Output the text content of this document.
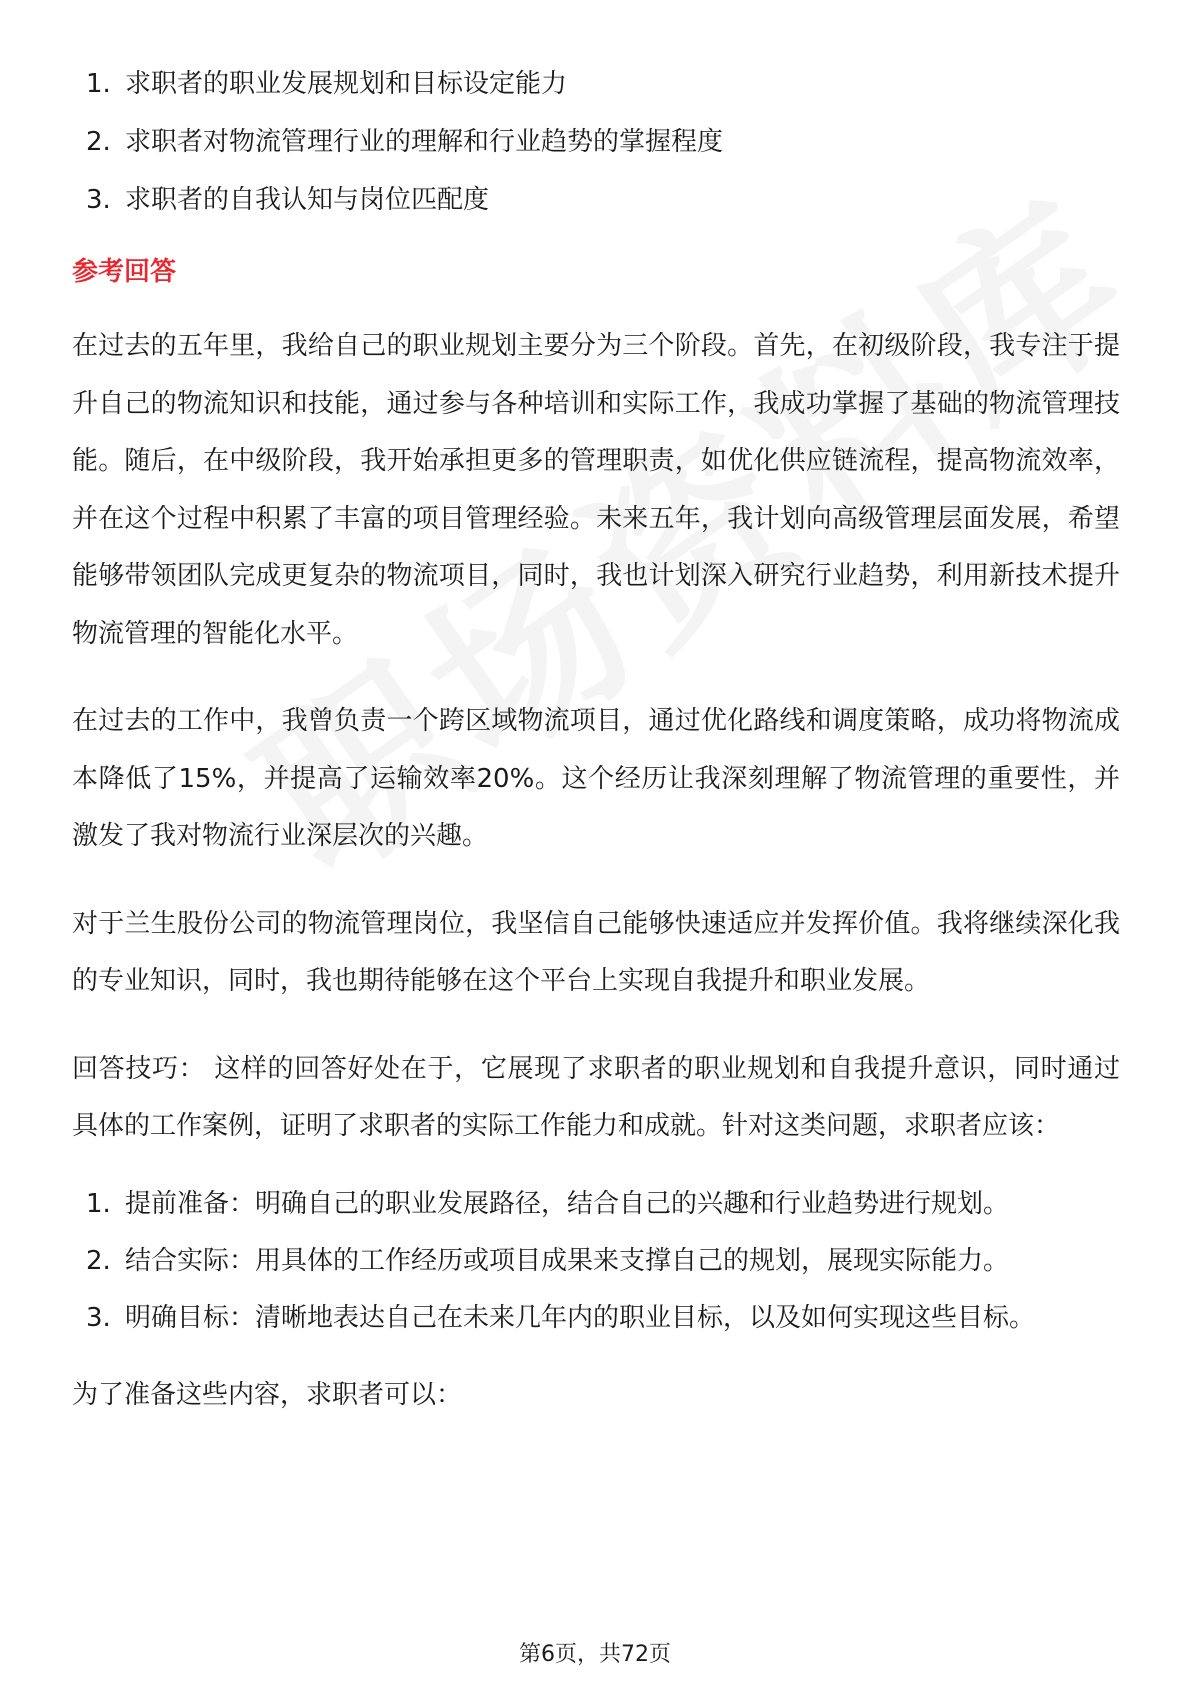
1. 求职者的职业发展规划和目标设定能力
2. 求职者对物流管理行业的理解和行业趋势的掌握程度
3. 求职者的自我认知与岗位匹配度
参考回答

在过去的五年里，我给自己的职业规划主要分为三个阶段。首先，在初级阶段，我专注于提升自己的物流知识和技能，通过参与各种培训和实际工作，我成功掌握了基础的物流管理技能。随后，在中级阶段，我开始承担更多的管理职责，如优化供应链流程，提高物流效率，并在这个过程中积累了丰富的项目管理经验。未来五年，我计划向高级管理层面发展，希望能够带领团队完成更复杂的物流项目，同时，我也计划深入研究行业趋势，利用新技术提升物流管理的智能化水平。

在过去的工作中，我曾负责一个跨区域物流项目，通过优化路线和调度策略，成功将物流成本降低了15%，并提高了运输效率20%。这个经历让我深刻理解了物流管理的重要性，并激发了我对物流行业深层次的兴趣。

对于兰生股份公司的物流管理岗位，我坚信自己能够快速适应并发挥价值。我将继续深化我的专业知识，同时，我也期待能够在这个平台上实现自我提升和职业发展。

回答技巧： 这样的回答好处在于，它展现了求职者的职业规划和自我提升意识，同时通过具体的工作案例，证明了求职者的实际工作能力和成就。针对这类问题，求职者应该：

1. 提前准备：明确自己的职业发展路径，结合自己的兴趣和行业趋势进行规划。
2. 结合实际：用具体的工作经历或项目成果来支撑自己的规划，展现实际能力。
3. 明确目标：清晰地表达自己在未来几年内的职业目标，以及如何实现这些目标。

为了准备这些内容，求职者可以：

第6页，共72页
